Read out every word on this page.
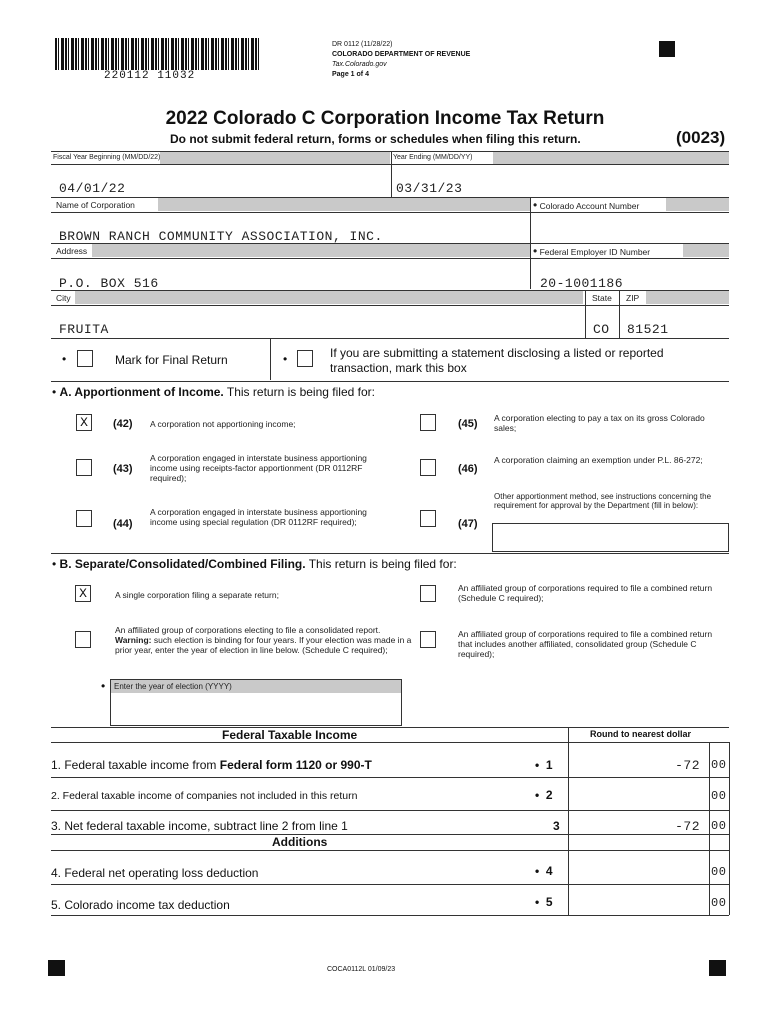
220112 11032
DR 0112 (11/28/22)
COLORADO DEPARTMENT OF REVENUE
Tax.Colorado.gov
Page 1 of 4
2022 Colorado C Corporation Income Tax Return
Do not submit federal return, forms or schedules when filing this return.	(0023)
Fiscal Year Beginning (MM/DD/22)	Year Ending (MM/DD/YY)
04/01/22	03/31/23
Name of Corporation	• Colorado Account Number
BROWN RANCH COMMUNITY ASSOCIATION, INC.
Address	• Federal Employer ID Number
P.O. BOX 516	20-1001186
City	State ZIP
FRUITA	CO 81521
•	Mark for Final Return	•	If you are submitting a statement disclosing a listed or reported transaction, mark this box
• A. Apportionment of Income. This return is being filed for:
X	(42) A corporation not apportioning income;	(45) A corporation electing to pay a tax on its gross Colorado sales;
(43)
A corporation engaged in interstate business apportioning income using receipts-factor apportionment (DR 0112RF required);
(46)
A corporation claiming an exemption under P.L. 86-272;
(44)
A corporation engaged in interstate business apportioning income using special regulation (DR 0112RF required);	(47)
Other apportionment method, see instructions concerning the requirement for approval by the Department (fill in below):
• B. Separate/Consolidated/Combined Filing. This return is being filed for:
X	A single corporation filing a separate return;
An affiliated group of corporations required to file a combined return (Schedule C required);
An affiliated group of corporations electing to file a consolidated report. Warning: such election is binding for four years. If your election was made in a prior year, enter the year of election in line below. (Schedule C required);
An affiliated group of corporations required to file a combined return that includes another affiliated, consolidated group (Schedule C required);
• Enter the year of election (YYYY)
Federal Taxable Income	Round to nearest dollar
1. Federal taxable income from Federal form 1120 or 990-T	• 1	-72 00
2. Federal taxable income of companies not included in this return	• 2	00
3. Net federal taxable income, subtract line 2 from line 1	3	-72 00
Additions
4. Federal net operating loss deduction	• 4	00
5. Colorado income tax deduction	• 5	00
COCA0112L 01/09/23
